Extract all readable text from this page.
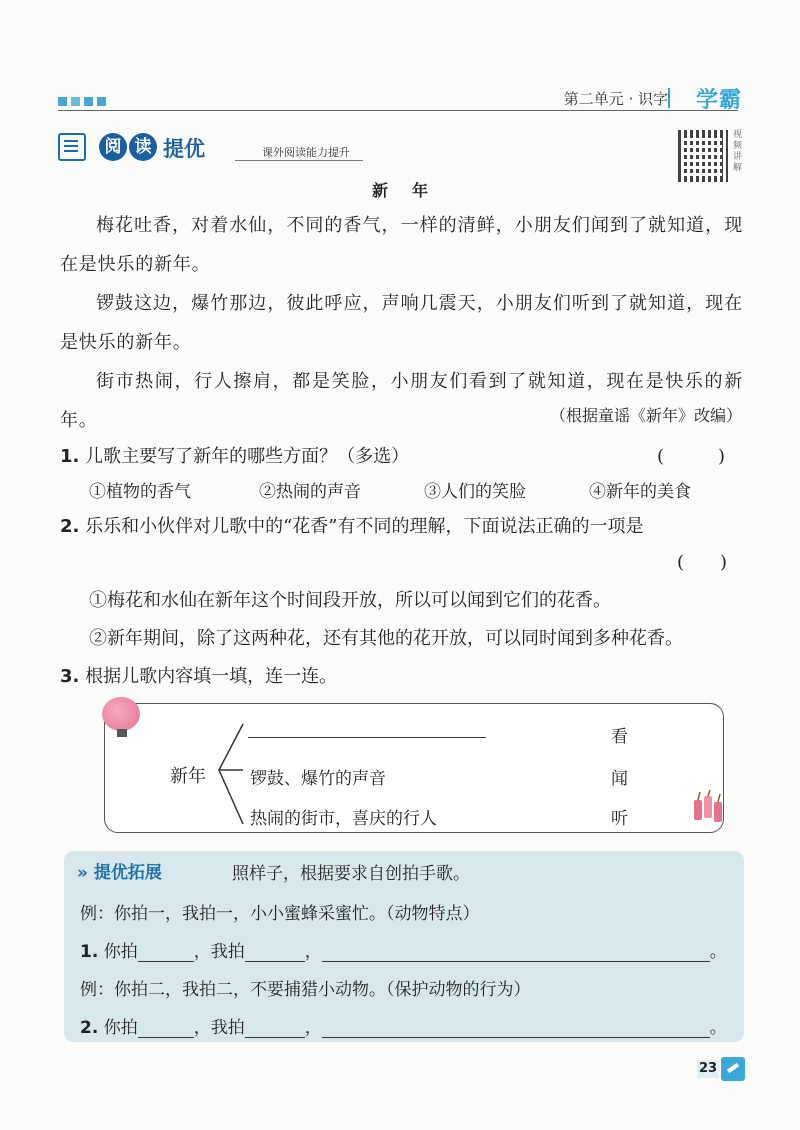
第二单元 · 识字 学霸
阅 读 提优	课外阅读能力提升
视频讲解
新年

梅花吐香，对着水仙，不同的香气，一样的清鲜，小朋友们闻到了就知道，现在是快乐的新年。

锣鼓这边，爆竹那边，彼此呼应，声响几震天，小朋友们听到了就知道，现在是快乐的新年。

街市热闹，行人擦肩，都是笑脸，小朋友们看到了就知道，现在是快乐的新年。	（根据童谣《新年》改编）
1. 儿歌主要写了新年的哪些方面？（多选）	(　　　)
①植物的香气	②热闹的声音	③人们的笑脸	④新年的美食
2. 乐乐和小伙伴对儿歌中的“花香”有不同的理解，下面说法正确的一项是
(　　)
①梅花和水仙在新年这个时间段开放，所以可以闻到它们的花香。
②新年期间，除了这两种花，还有其他的花开放，可以同时闻到多种花香。
3. 根据儿歌内容填一填，连一连。
新年	锣鼓、爆竹的声音
热闹的街市，喜庆的行人
看
闻
听
» 提优拓展	照样子，根据要求自创拍手歌。
例：你拍一，我拍一，小小蜜蜂采蜜忙。（动物特点）
1. 你拍	，我拍	，	。
例：你拍二，我拍二，不要捕猎小动物。（保护动物的行为）
2. 你拍	，我拍	，	。
23
